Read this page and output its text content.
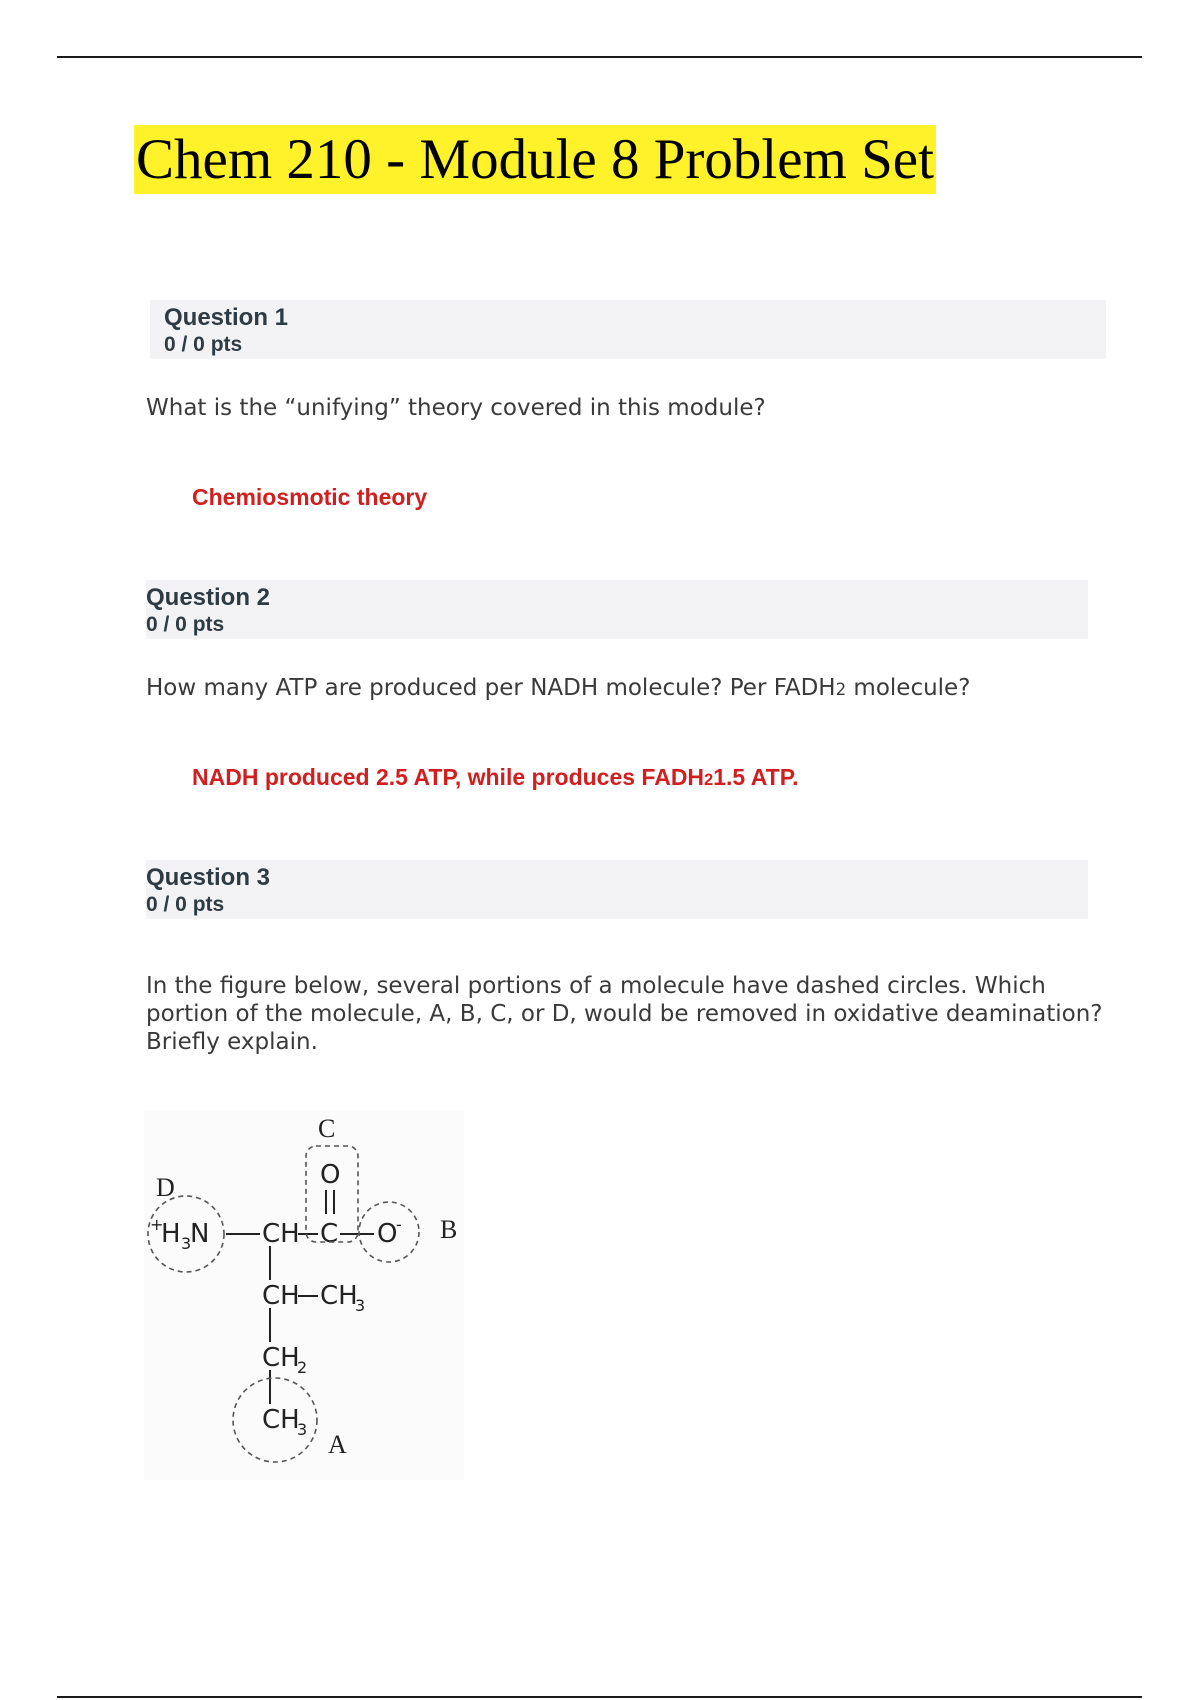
Chem 210 - Module 8 Problem Set
Question 1
0 / 0 pts
What is the “unifying” theory covered in this module?
Chemiosmotic theory
Question 2
0 / 0 pts
How many ATP are produced per NADH molecule? Per FADH2 molecule?
NADH produced 2.5 ATP, while produces FADH21.5 ATP.
Question 3
0 / 0 pts
In the figure below, several portions of a molecule have dashed circles. Which portion of the molecule, A, B, C, or D, would be removed in oxidative deamination? Briefly explain.
D
C
B
A
+
H 3
N CH C
O
O
-
CH CH
3
CH
2
CH
3
